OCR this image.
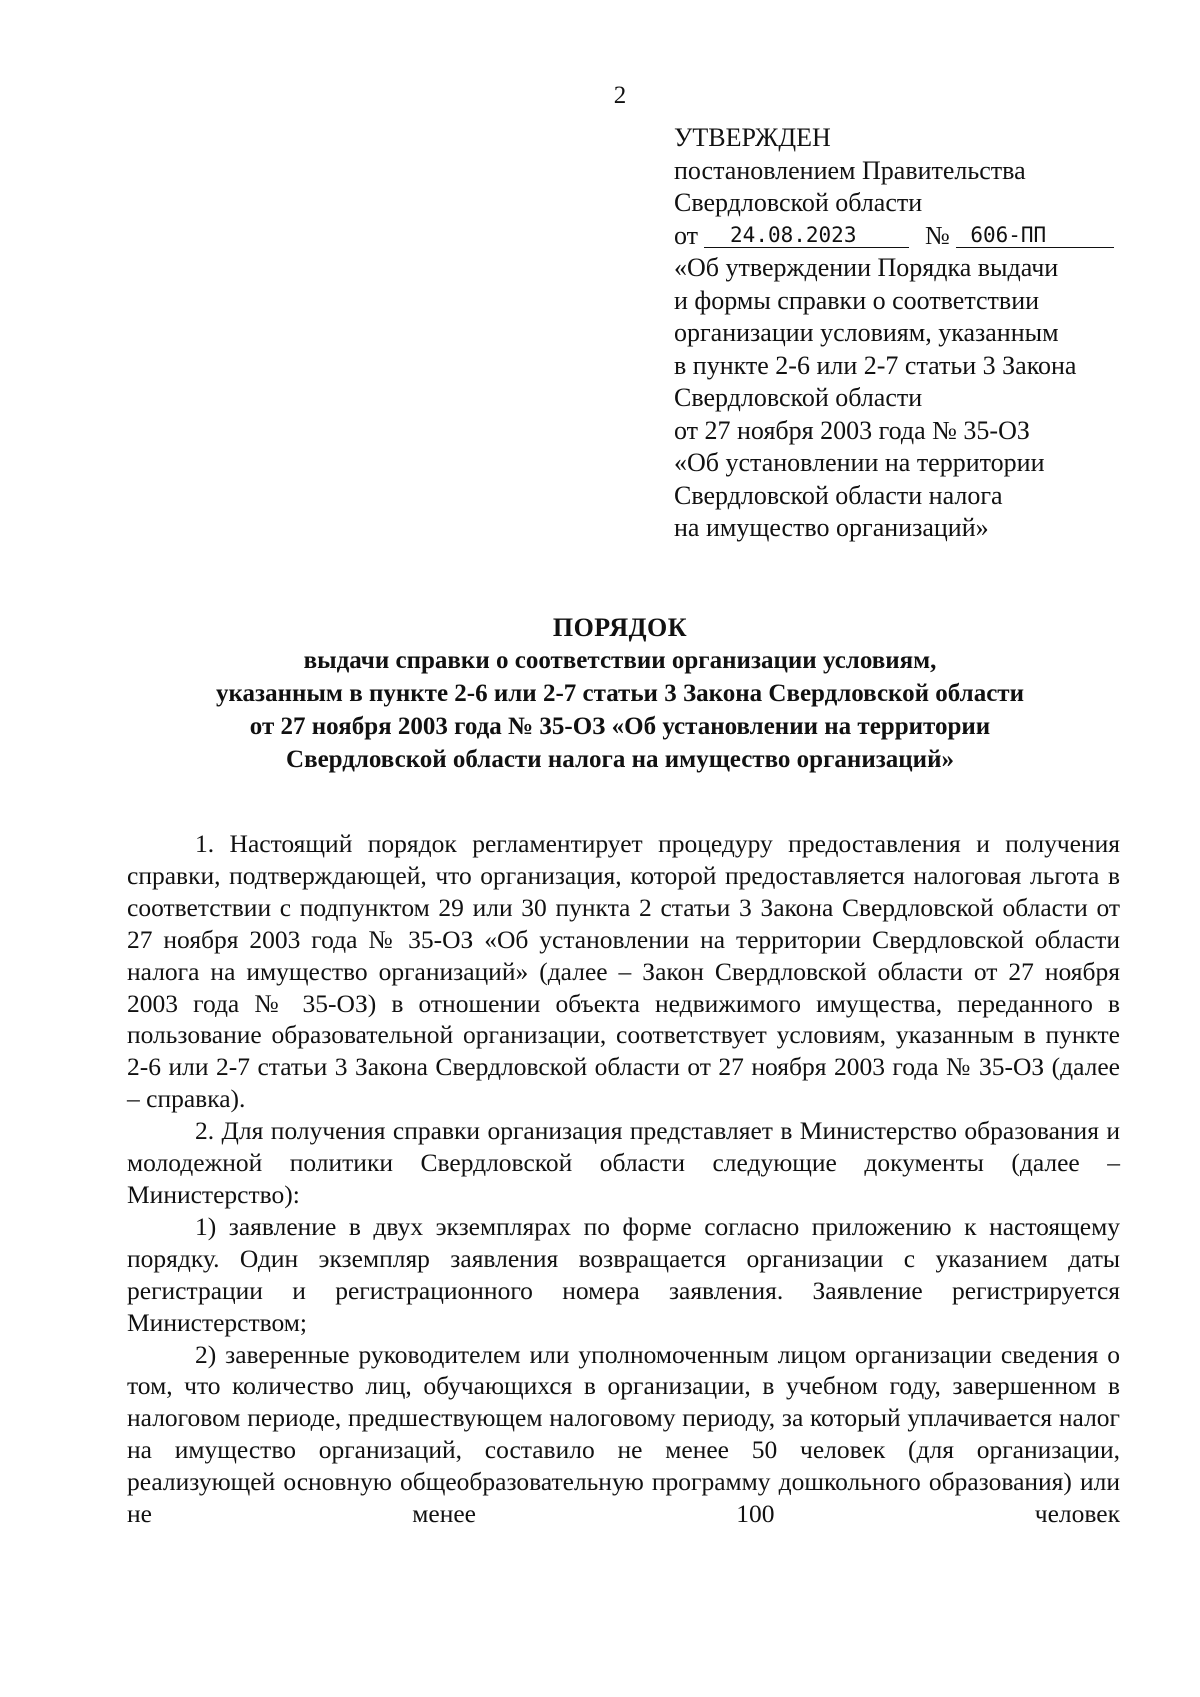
2
УТВЕРЖДЕН
постановлением Правительства
Свердловской области
от 24.08.2023	№ 606-ПП
«Об утверждении Порядка выдачи
и формы справки о соответствии
организации условиям, указанным
в пункте 2-6 или 2-7 статьи 3 Закона
Свердловской области
от 27 ноября 2003 года № 35-ОЗ
«Об установлении на территории
Свердловской области налога
на имущество организаций»
ПОРЯДОК
выдачи справки о соответствии организации условиям,
указанным в пункте 2-6 или 2-7 статьи 3 Закона Свердловской области
от 27 ноября 2003 года № 35-ОЗ «Об установлении на территории
Свердловской области налога на имущество организаций»

1. Настоящий порядок регламентирует процедуру предоставления и получения справки, подтверждающей, что организация, которой предоставляется налоговая льгота в соответствии с подпунктом 29 или 30 пункта 2 статьи 3 Закона Свердловской области от 27 ноября 2003 года № 35-ОЗ «Об установлении на территории Свердловской области налога на имущество организаций» (далее – Закон Свердловской области от 27 ноября 2003 года № 35-ОЗ) в отношении объекта недвижимого имущества, переданного в пользование образовательной организации, соответствует условиям, указанным в пункте 2-6 или 2-7 статьи 3 Закона Свердловской области от 27 ноября 2003 года № 35-ОЗ (далее – справка).

2. Для получения справки организация представляет в Министерство образования и молодежной политики Свердловской области следующие документы (далее – Министерство):

1) заявление в двух экземплярах по форме согласно приложению к настоящему порядку. Один экземпляр заявления возвращается организации с указанием даты регистрации и регистрационного номера заявления. Заявление регистрируется Министерством;

2) заверенные руководителем или уполномоченным лицом организации сведения о том, что количество лиц, обучающихся в организации, в учебном году, завершенном в налоговом периоде, предшествующем налоговому периоду, за который уплачивается налог на имущество организаций, составило не менее 50 человек (для организации, реализующей основную общеобразовательную программу дошкольного образования) или не менее 100 человек
